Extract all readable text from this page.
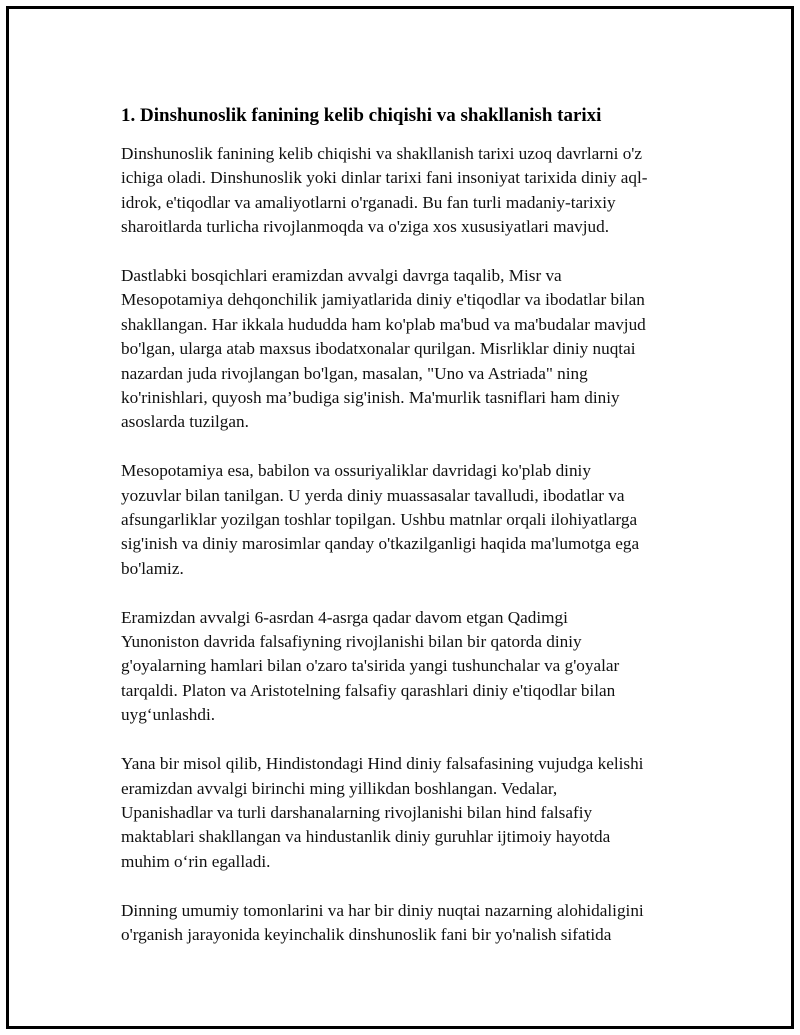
1. Dinshunoslik fanining kelib chiqishi va shakllanish tarixi

Dinshunoslik fanining kelib chiqishi va shakllanish tarixi uzoq davrlarni o'z
ichiga oladi. Dinshunoslik yoki dinlar tarixi fani insoniyat tarixida diniy aql-
idrok, e'tiqodlar va amaliyotlarni o'rganadi. Bu fan turli madaniy-tarixiy
sharoitlarda turlicha rivojlanmoqda va o'ziga xos xususiyatlari mavjud.

Dastlabki bosqichlari eramizdan avvalgi davrga taqalib, Misr va
Mesopotamiya dehqonchilik jamiyatlarida diniy e'tiqodlar va ibodatlar bilan
shakllangan. Har ikkala hududda ham ko'plab ma'bud va ma'budalar mavjud
bo'lgan, ularga atab maxsus ibodatxonalar qurilgan. Misrliklar diniy nuqtai
nazardan juda rivojlangan bo'lgan, masalan, "Uno va Astriada" ning
ko'rinishlari, quyosh ma’budiga sig'inish. Ma'murlik tasniflari ham diniy
asoslarda tuzilgan.

Mesopotamiya esa, babilon va ossuriyaliklar davridagi ko'plab diniy
yozuvlar bilan tanilgan. U yerda diniy muassasalar tavalludi, ibodatlar va
afsungarliklar yozilgan toshlar topilgan. Ushbu matnlar orqali ilohiyatlarga
sig'inish va diniy marosimlar qanday o'tkazilganligi haqida ma'lumotga ega
bo'lamiz.

Eramizdan avvalgi 6-asrdan 4-asrga qadar davom etgan Qadimgi
Yunoniston davrida falsafiyning rivojlanishi bilan bir qatorda diniy
g'oyalarning hamlari bilan o'zaro ta'sirida yangi tushunchalar va g'oyalar
tarqaldi. Platon va Aristotelning falsafiy qarashlari diniy e'tiqodlar bilan
uyg‘unlashdi.

Yana bir misol qilib, Hindistondagi Hind diniy falsafasining vujudga kelishi
eramizdan avvalgi birinchi ming yillikdan boshlangan. Vedalar,
Upanishadlar va turli darshanalarning rivojlanishi bilan hind falsafiy
maktablari shakllangan va hindustanlik diniy guruhlar ijtimoiy hayotda
muhim o‘rin egalladi.

Dinning umumiy tomonlarini va har bir diniy nuqtai nazarning alohidaligini
o'rganish jarayonida keyinchalik dinshunoslik fani bir yo'nalish sifatida
